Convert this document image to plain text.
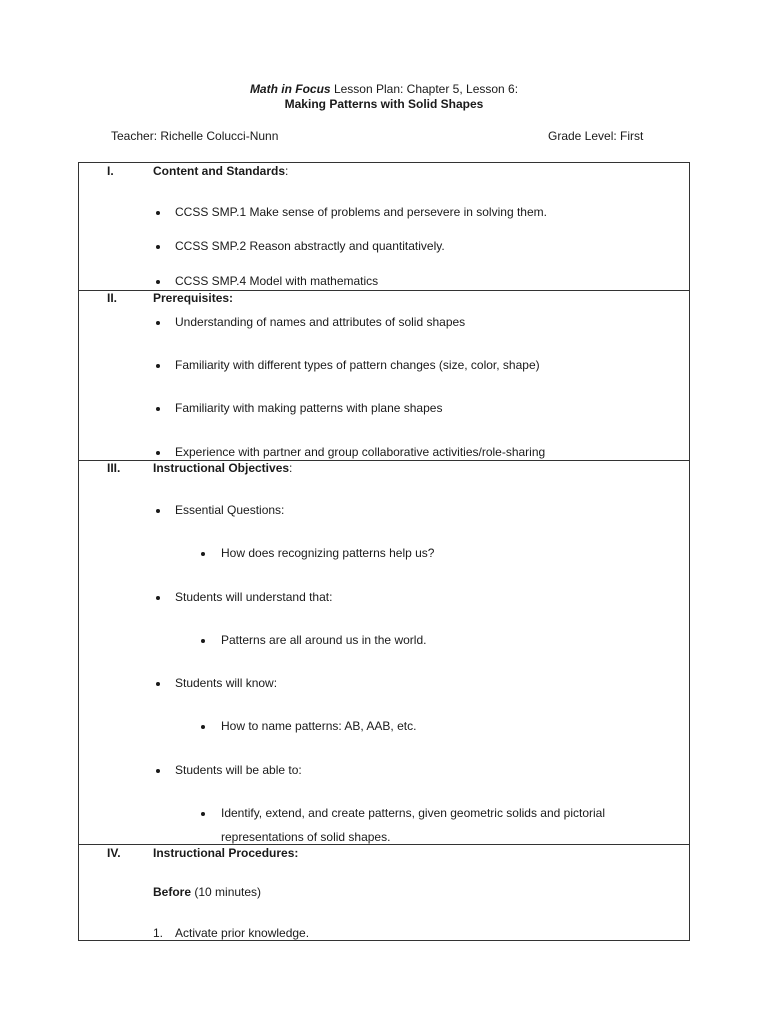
Math in Focus Lesson Plan: Chapter 5, Lesson 6:
Making Patterns with Solid Shapes
Teacher: Richelle Colucci-Nunn	Grade Level: First
I.	Content and Standards:
CCSS SMP.1 Make sense of problems and persevere in solving them.
CCSS SMP.2 Reason abstractly and quantitatively.
CCSS SMP.4 Model with mathematics
II.	Prerequisites:
Understanding of names and attributes of solid shapes
Familiarity with different types of pattern changes (size, color, shape)
Familiarity with making patterns with plane shapes
Experience with partner and group collaborative activities/role-sharing
III.	Instructional Objectives:
Essential Questions:
How does recognizing patterns help us?
Students will understand that:
Patterns are all around us in the world.
Students will know:
How to name patterns: AB, AAB, etc.
Students will be able to:
Identify, extend, and create patterns, given geometric solids and pictorial
representations of solid shapes.
IV.	Instructional Procedures:
Before (10 minutes)
1. Activate prior knowledge.
